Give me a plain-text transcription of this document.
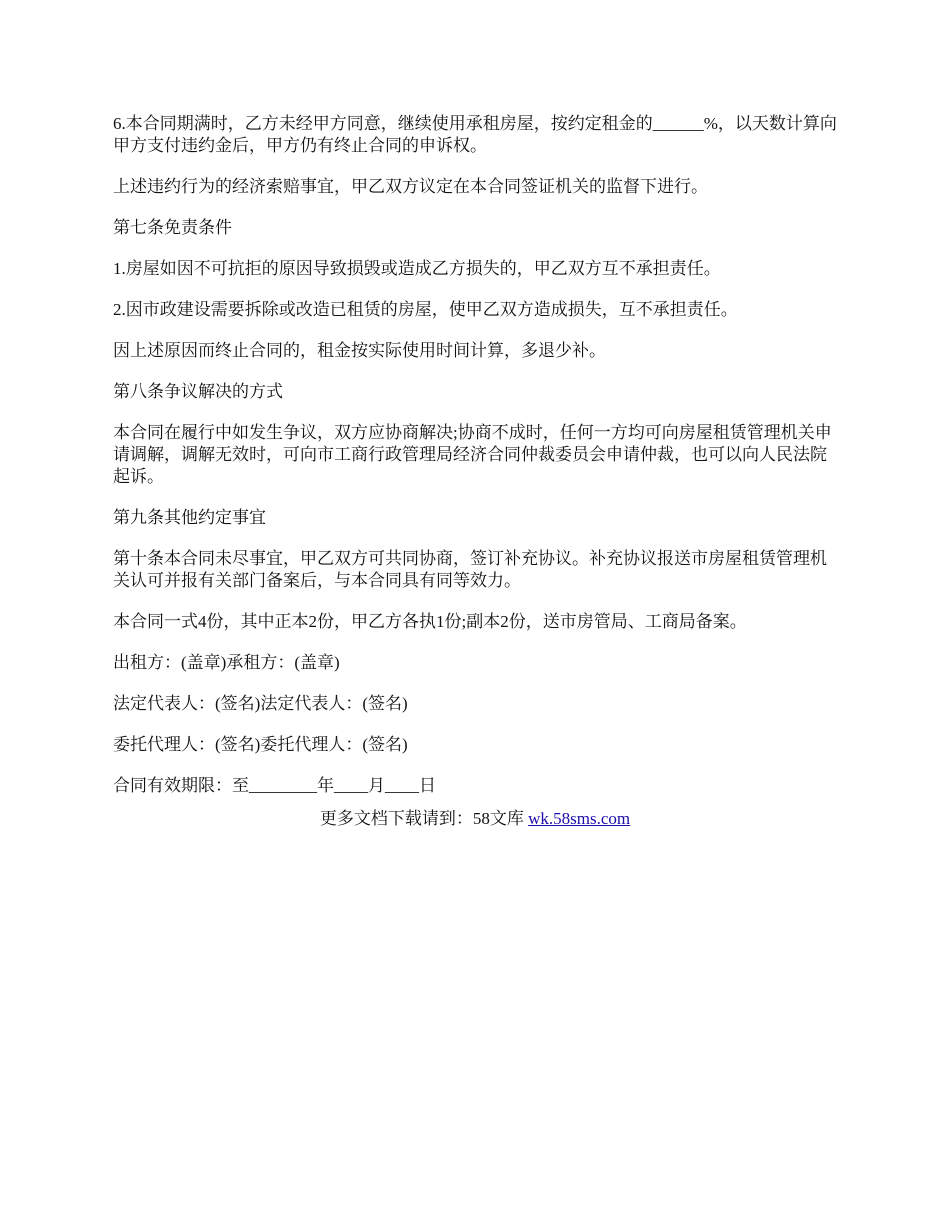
6.本合同期满时，乙方未经甲方同意，继续使用承租房屋，按约定租金的______%，以天数计算向甲方支付违约金后，甲方仍有终止合同的申诉权。

上述违约行为的经济索赔事宜，甲乙双方议定在本合同签证机关的监督下进行。

第七条免责条件

1.房屋如因不可抗拒的原因导致损毁或造成乙方损失的，甲乙双方互不承担责任。

2.因市政建设需要拆除或改造已租赁的房屋，使甲乙双方造成损失，互不承担责任。

因上述原因而终止合同的，租金按实际使用时间计算，多退少补。

第八条争议解决的方式

本合同在履行中如发生争议，双方应协商解决;协商不成时，任何一方均可向房屋租赁管理机关申请调解，调解无效时，可向市工商行政管理局经济合同仲裁委员会申请仲裁，也可以向人民法院起诉。

第九条其他约定事宜

第十条本合同未尽事宜，甲乙双方可共同协商，签订补充协议。补充协议报送市房屋租赁管理机关认可并报有关部门备案后，与本合同具有同等效力。

本合同一式4份，其中正本2份，甲乙方各执1份;副本2份，送市房管局、工商局备案。

出租方：(盖章)承租方：(盖章)

法定代表人：(签名)法定代表人：(签名)

委托代理人：(签名)委托代理人：(签名)

合同有效期限：至________年____月____日

更多文档下载请到：58文库 wk.58sms.com
